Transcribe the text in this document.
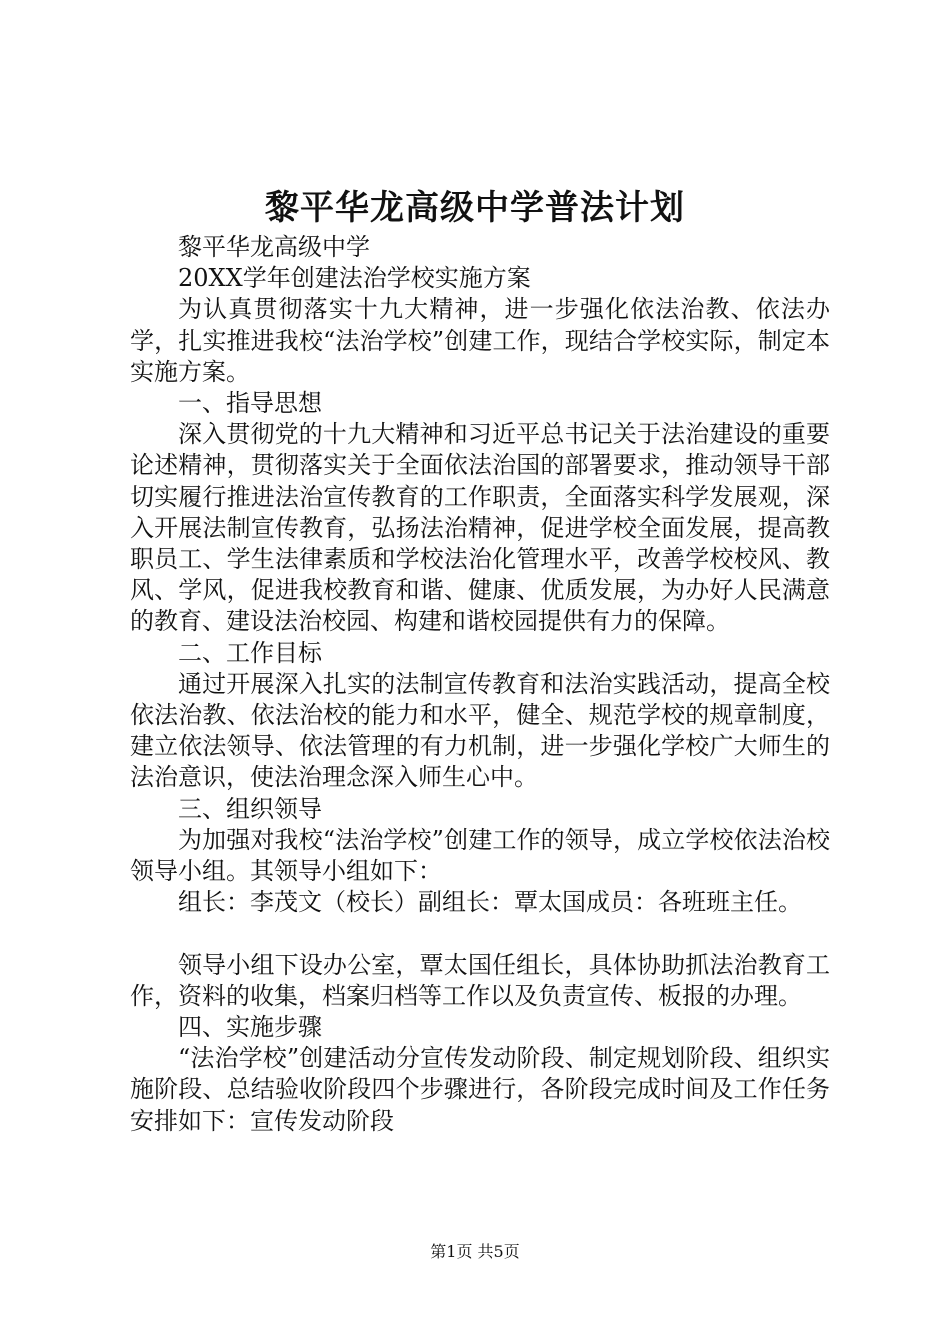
黎平华龙高级中学普法计划

黎平华龙高级中学

20XX学年创建法治学校实施方案

为认真贯彻落实十九大精神，进一步强化依法治教、依法办学，扎实推进我校“法治学校”创建工作，现结合学校实际，制定本实施方案。

一、指导思想

深入贯彻党的十九大精神和习近平总书记关于法治建设的重要论述精神，贯彻落实关于全面依法治国的部署要求，推动领导干部切实履行推进法治宣传教育的工作职责，全面落实科学发展观，深入开展法制宣传教育，弘扬法治精神，促进学校全面发展，提高教职员工、学生法律素质和学校法治化管理水平，改善学校校风、教风、学风，促进我校教育和谐、健康、优质发展，为办好人民满意的教育、建设法治校园、构建和谐校园提供有力的保障。

二、工作目标

通过开展深入扎实的法制宣传教育和法治实践活动，提高全校依法治教、依法治校的能力和水平，健全、规范学校的规章制度，建立依法领导、依法管理的有力机制，进一步强化学校广大师生的法治意识，使法治理念深入师生心中。

三、组织领导

为加强对我校“法治学校”创建工作的领导，成立学校依法治校领导小组。其领导小组如下：

组长：李茂文（校长）副组长：覃太国成员：各班班主任。

领导小组下设办公室，覃太国任组长，具体协助抓法治教育工作，资料的收集，档案归档等工作以及负责宣传、板报的办理。

四、实施步骤

“法治学校”创建活动分宣传发动阶段、制定规划阶段、组织实施阶段、总结验收阶段四个步骤进行，各阶段完成时间及工作任务安排如下：宣传发动阶段

第1页 共5页
